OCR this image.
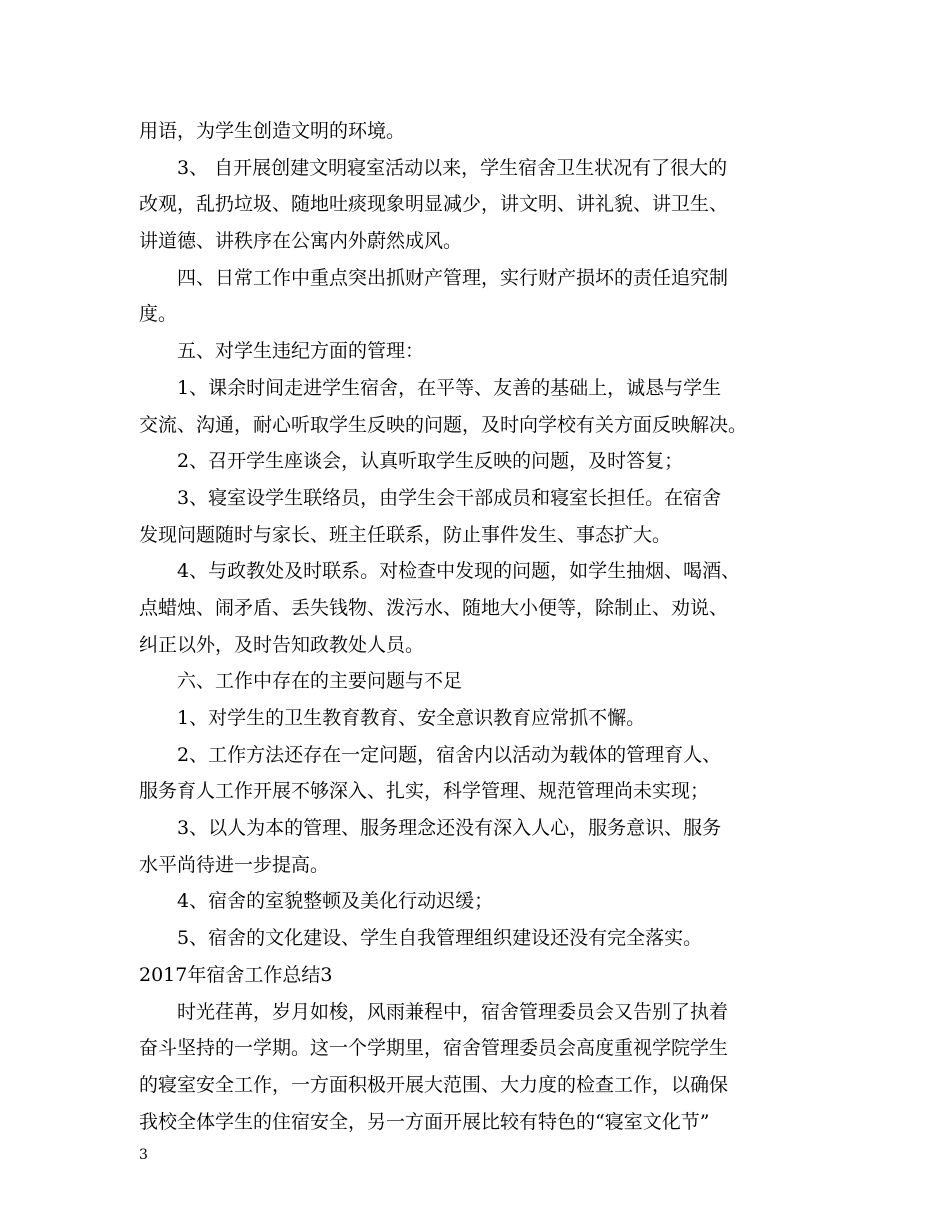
用语，为学生创造文明的环境。
3、 自开展创建文明寝室活动以来，学生宿舍卫生状况有了很大的
改观，乱扔垃圾、随地吐痰现象明显减少，讲文明、讲礼貌、讲卫生、
讲道德、讲秩序在公寓内外蔚然成风。
四、日常工作中重点突出抓财产管理，实行财产损坏的责任追究制
度。
五、对学生违纪方面的管理：
1、课余时间走进学生宿舍，在平等、友善的基础上，诚恳与学生
交流、沟通，耐心听取学生反映的问题，及时向学校有关方面反映解决。
2、召开学生座谈会，认真听取学生反映的问题，及时答复；
3、寝室设学生联络员，由学生会干部成员和寝室长担任。在宿舍
发现问题随时与家长、班主任联系，防止事件发生、事态扩大。
4、与政教处及时联系。对检查中发现的问题，如学生抽烟、喝酒、
点蜡烛、闹矛盾、丢失钱物、泼污水、随地大小便等，除制止、劝说、
纠正以外，及时告知政教处人员。
六、工作中存在的主要问题与不足
1、对学生的卫生教育教育、安全意识教育应常抓不懈。
2、工作方法还存在一定问题，宿舍内以活动为载体的管理育人、
服务育人工作开展不够深入、扎实，科学管理、规范管理尚未实现；
3、以人为本的管理、服务理念还没有深入人心，服务意识、服务
水平尚待进一步提高。
4、宿舍的室貌整顿及美化行动迟缓；
5、宿舍的文化建设、学生自我管理组织建设还没有完全落实。
2017年宿舍工作总结3
时光荏苒，岁月如梭，风雨兼程中，宿舍管理委员会又告别了执着
奋斗坚持的一学期。这一个学期里，宿舍管理委员会高度重视学院学生
的寝室安全工作，一方面积极开展大范围、大力度的检查工作，以确保
我校全体学生的住宿安全，另一方面开展比较有特色的“寝室文化节”
3
